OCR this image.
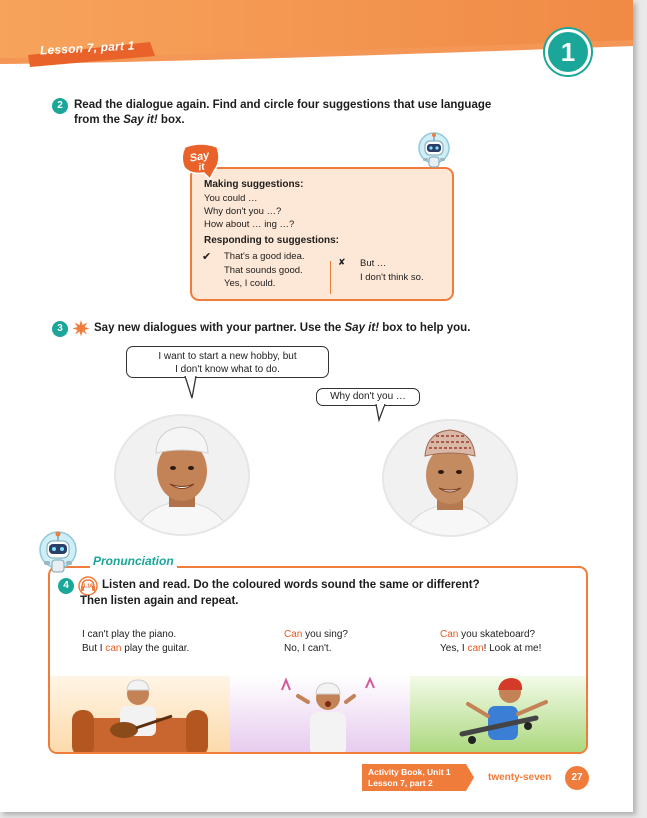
Lesson 7, part 1	1
2 Read the dialogue again. Find and circle four suggestions that use language
from the Say it! box.
Making suggestions:
You could …
Why don't you …?
How about … ing …?
Responding to suggestions:
✔ That's a good idea.
That sounds good.
Yes, I could.
✘ But …
I don't think so.
Say
it
3	Say new dialogues with your partner. Use the Say it! box to help you.
I want to start a new hobby, but
I don't know what to do.
Why don't you …
Pronunciation
4	1.16 Listen and read. Do the coloured words sound the same or different?
Then listen again and repeat.
I can't play the piano.
But I can play the guitar.
Can you sing?
No, I can't.
Can you skateboard?
Yes, I can! Look at me!
Activity Book, Unit 1
Lesson 7, part 2	twenty-seven	27
